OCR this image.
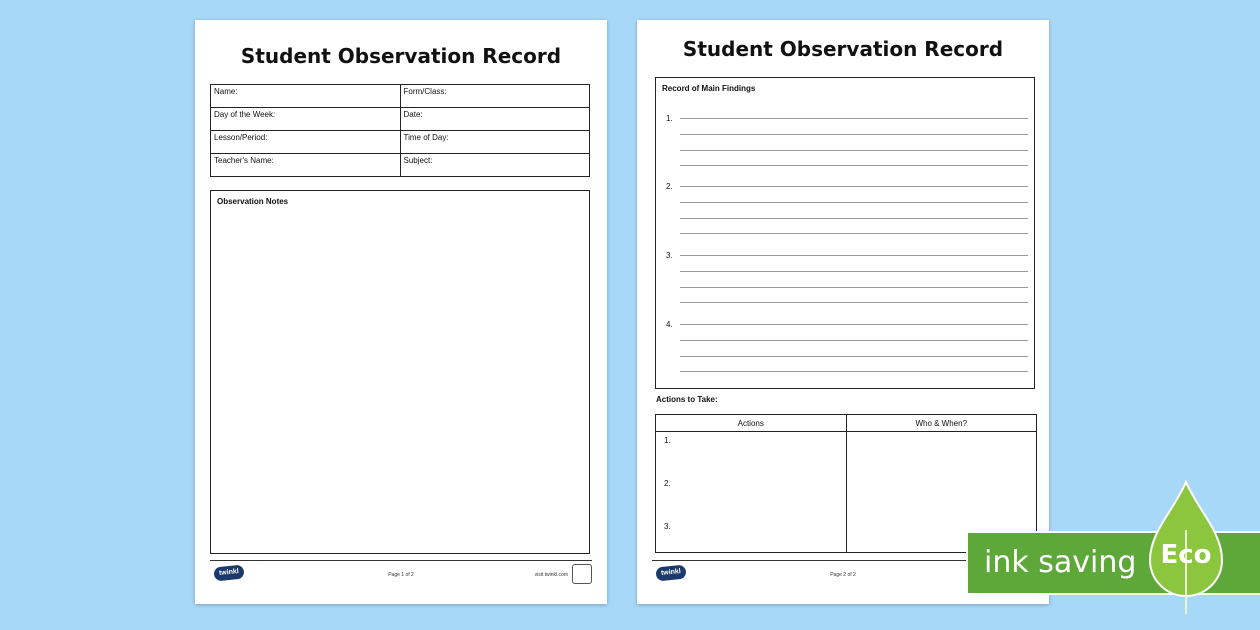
Student Observation Record
Name:	Form/Class:
Day of the Week:	Date:
Lesson/Period:	Time of Day:
Teacher's Name:	Subject:
Observation Notes
twinkl	Page 1 of 2	visit twinkl.com
Student Observation Record
Record of Main Findings
1.
2.
3.
4.
Actions to Take:
Actions	Who & When?

1.
2.
3.	

twinkl	Page 2 of 2	ink saving Eco
